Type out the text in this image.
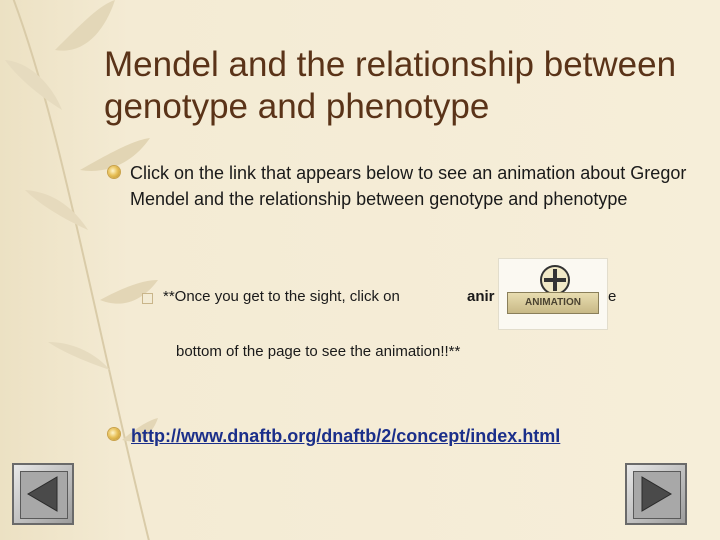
Mendel and the relationship between genotype and phenotype
Click on the link that appears below to see an animation about Gregor Mendel and the relationship between genotype and phenotype
**Once you get to the sight, click on	anir	ANIMATION	e
bottom of the page to see the animation!!**
http://www.dnaftb.org/dnaftb/2/concept/index.html
